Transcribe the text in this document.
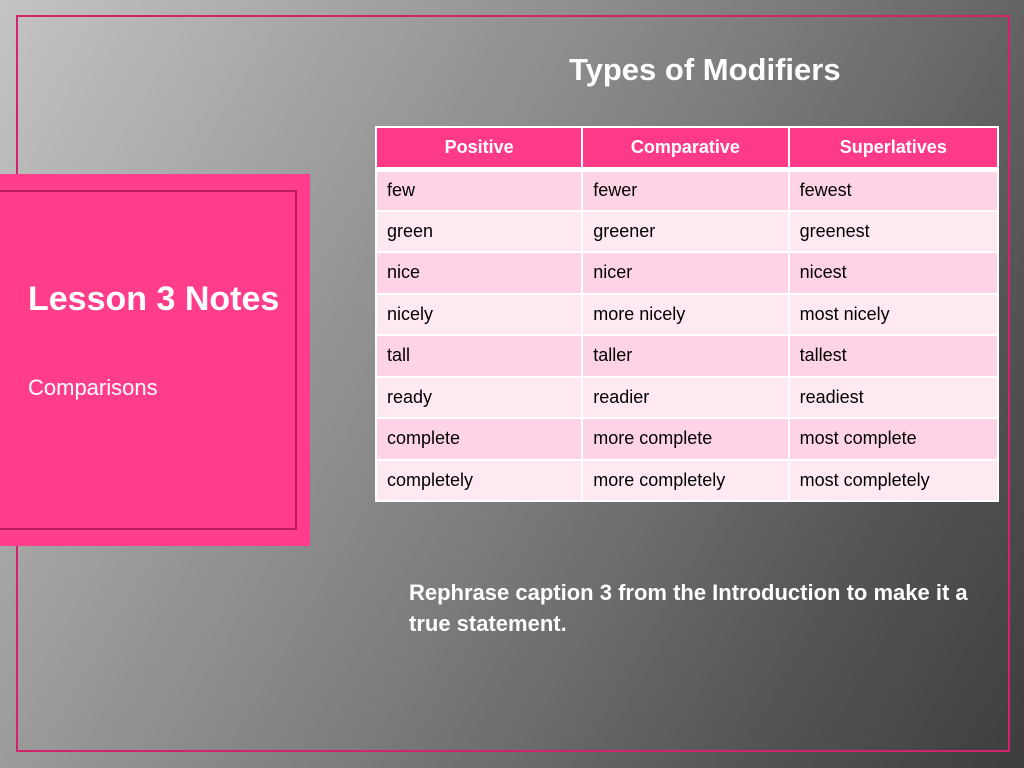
Lesson 3 Notes
Comparisons
Types of Modifiers
Positive	Comparative	Superlatives
few	fewer	fewest
green	greener	greenest
nice	nicer	nicest
nicely	more nicely	most nicely
tall	taller	tallest
ready	readier	readiest
complete	more complete	most complete
completely	more completely	most completely

Rephrase caption 3 from the Introduction to make it a true statement.
